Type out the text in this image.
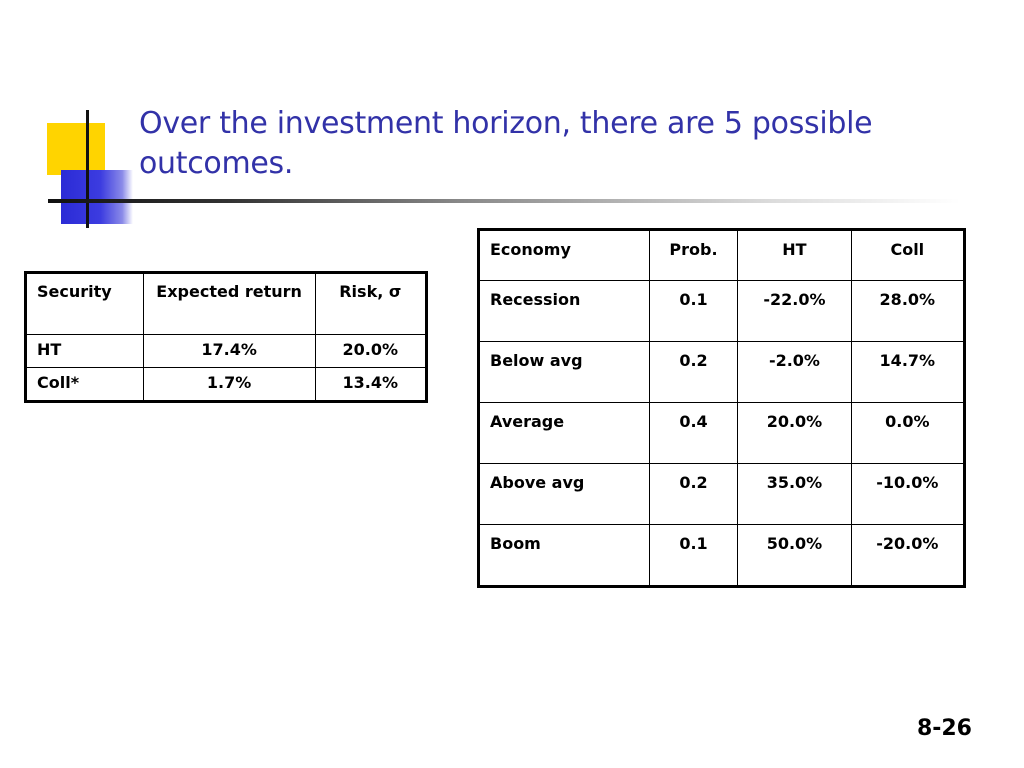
Over the investment horizon, there are 5 possible outcomes.
Security	Expected return	Risk, σ
HT	17.4%	20.0%
Coll*	1.7%	13.4%
Economy	Prob.	HT	Coll
Recession	0.1	-22.0%	28.0%
Below avg	0.2	-2.0%	14.7%
Average	0.4	20.0%	0.0%
Above avg	0.2	35.0%	-10.0%
Boom	0.1	50.0%	-20.0%
8-26
